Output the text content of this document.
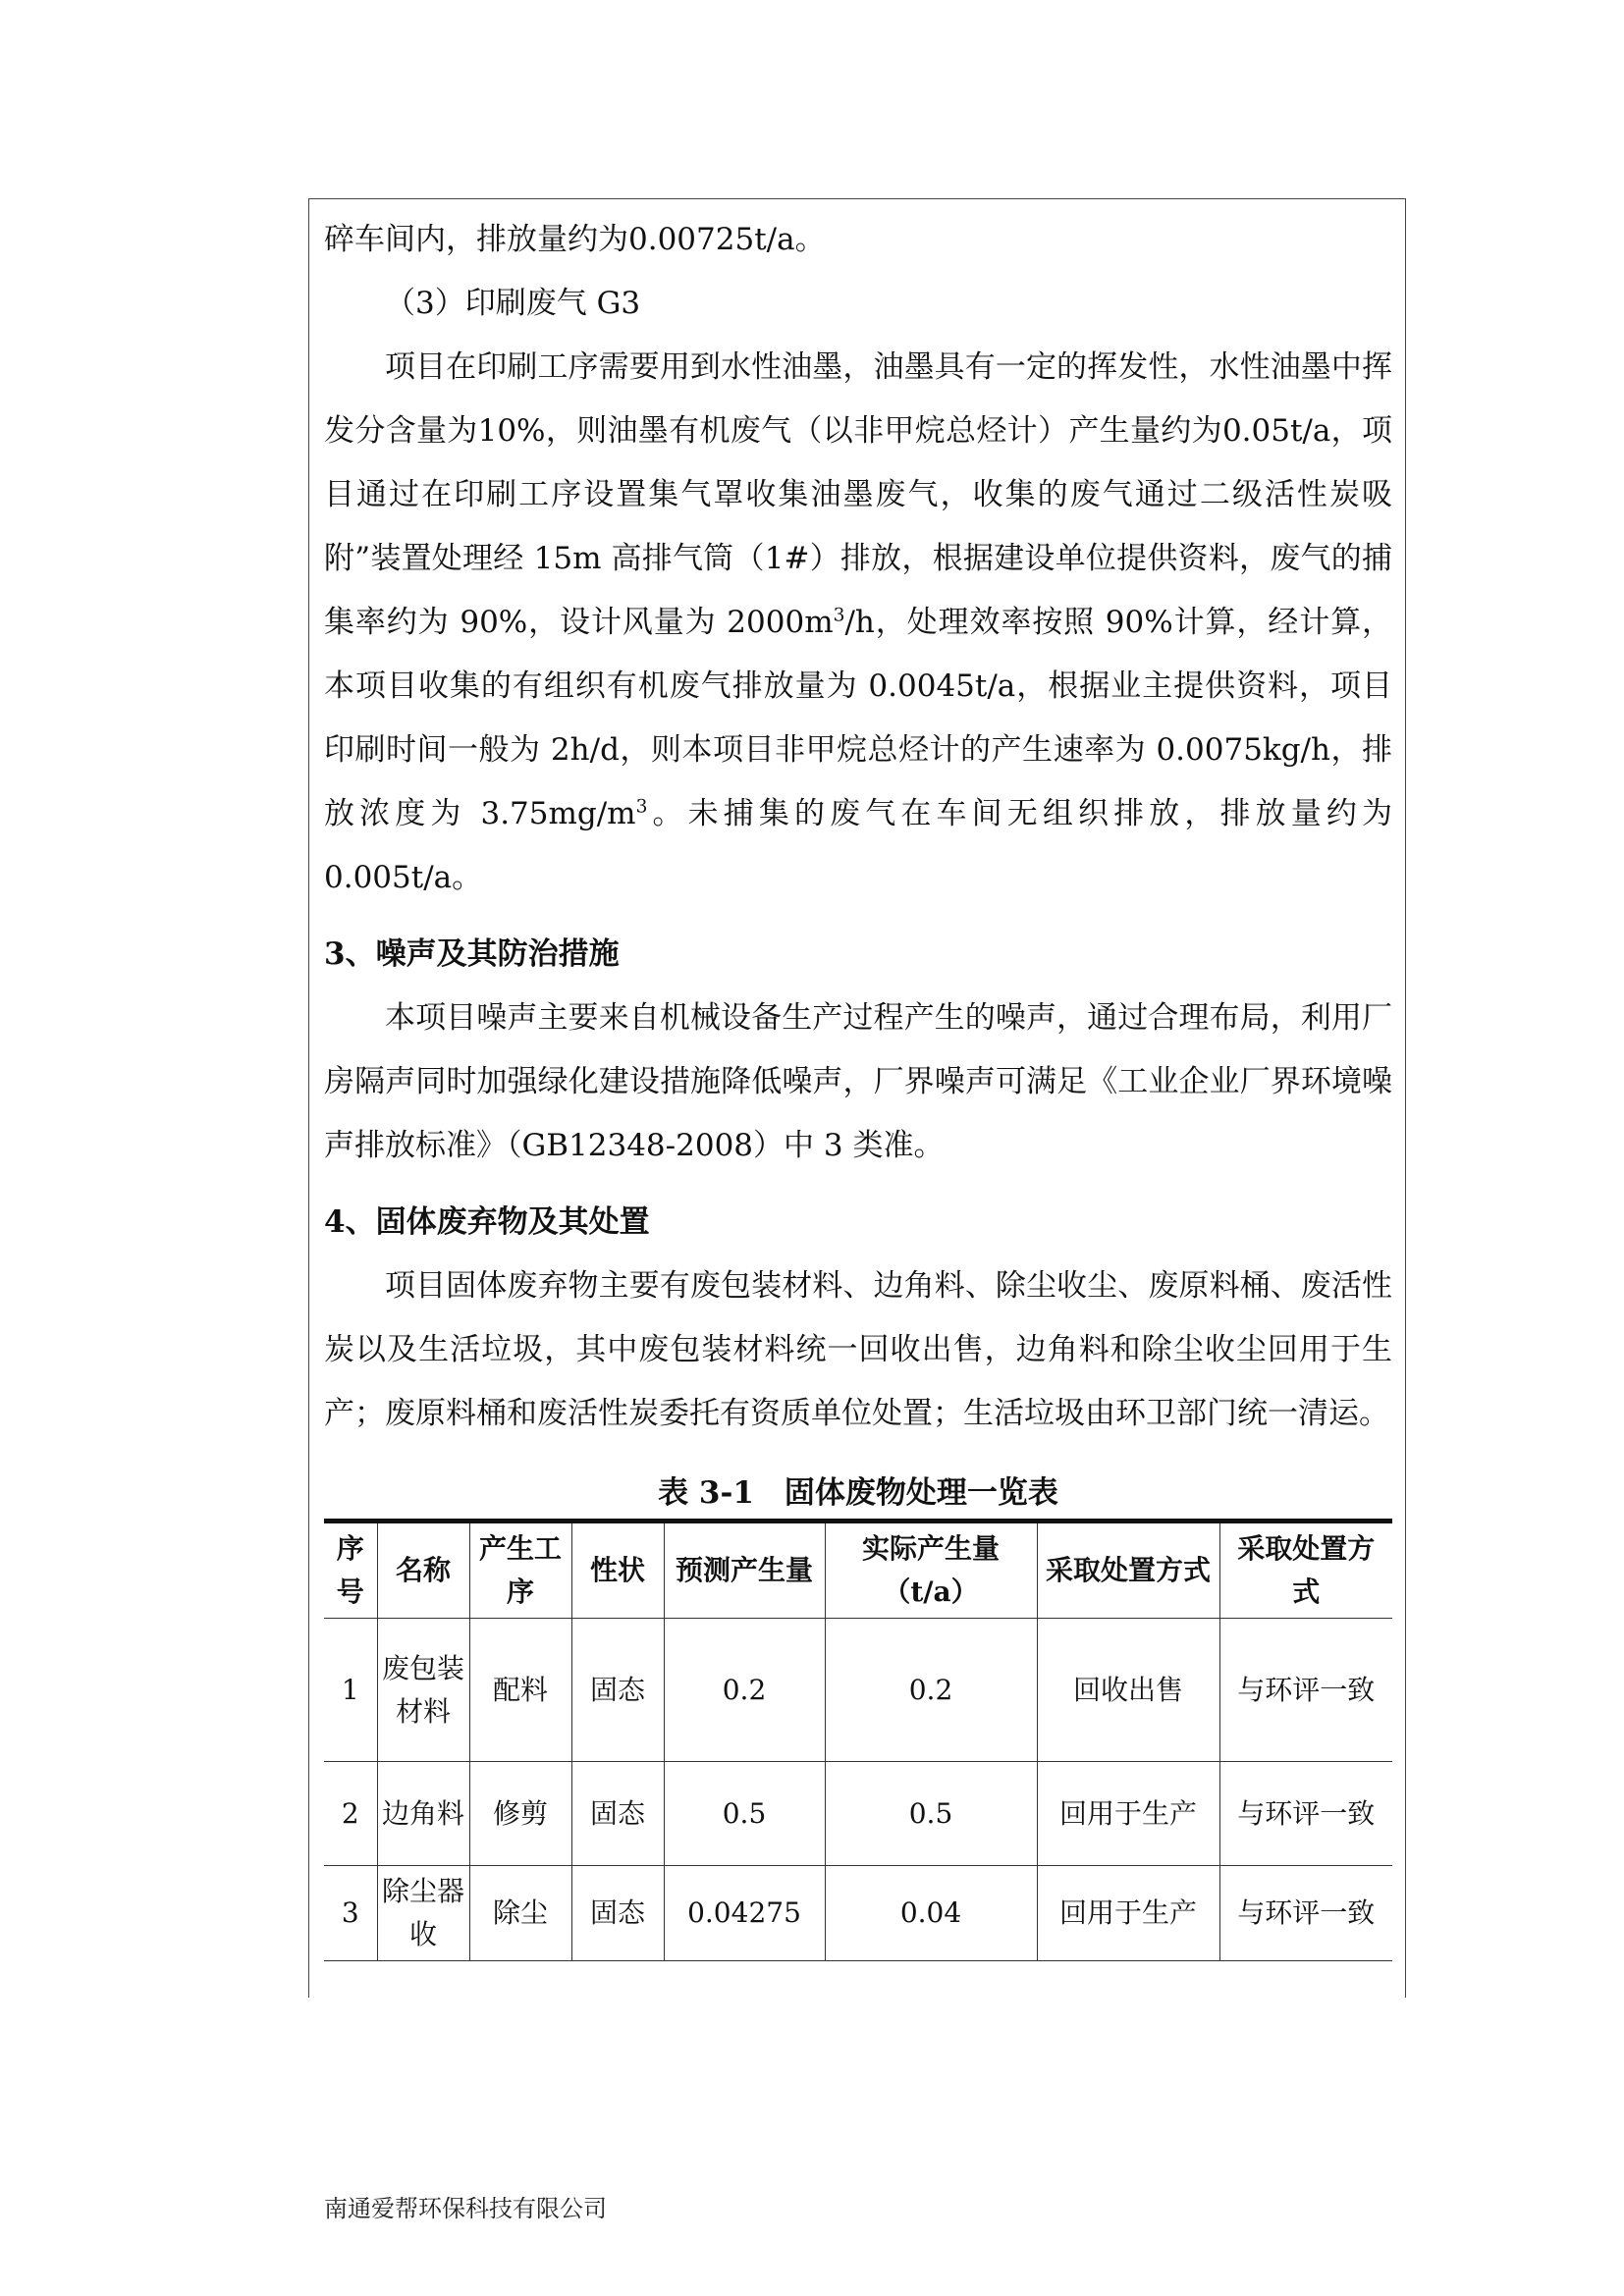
碎车间内，排放量约为0.00725t/a。

（3）印刷废气 G3

项目在印刷工序需要用到水性油墨，油墨具有一定的挥发性，水性油墨中挥发分含量为10%，则油墨有机废气（以非甲烷总烃计）产生量约为0.05t/a，项目通过在印刷工序设置集气罩收集油墨废气，收集的废气通过二级活性炭吸附”装置处理经 15m 高排气筒（1#）排放，根据建设单位提供资料，废气的捕集率约为 90%，设计风量为 $2000m^3/h$，处理效率按照 90%计算，经计算，本项目收集的有组织有机废气排放量为 0.0045t/a，根据业主提供资料，项目印刷时间一般为 2h/d，则本项目非甲烷总烃计的产生速率为 0.0075kg/h，排放浓度为 $3.75mg/m^3$。未捕集的废气在车间无组织排放，排放量约为 0.005t/a。

3、噪声及其防治措施

本项目噪声主要来自机械设备生产过程产生的噪声，通过合理布局，利用厂房隔声同时加强绿化建设措施降低噪声，厂界噪声可满足《工业企业厂界环境噪声排放标准》（GB12348-2008）中 3 类准。

4、固体废弃物及其处置

项目固体废弃物主要有废包装材料、边角料、除尘收尘、废原料桶、废活性炭以及生活垃圾，其中废包装材料统一回收出售，边角料和除尘收尘回用于生产；废原料桶和废活性炭委托有资质单位处置；生活垃圾由环卫部门统一清运。

表 3-1　固体废物处理一览表
序号	名称	产生工序	性状	预测产生量	实际产生量（t/a）	采取处置方式	采取处置方式
1	废包装材料	配料	固态	0.2	0.2	回收出售	与环评一致
2	边角料	修剪	固态	0.5	0.5	回用于生产	与环评一致
3	除尘器收	除尘	固态	0.04275	0.04	回用于生产	与环评一致
南通爱帮环保科技有限公司
